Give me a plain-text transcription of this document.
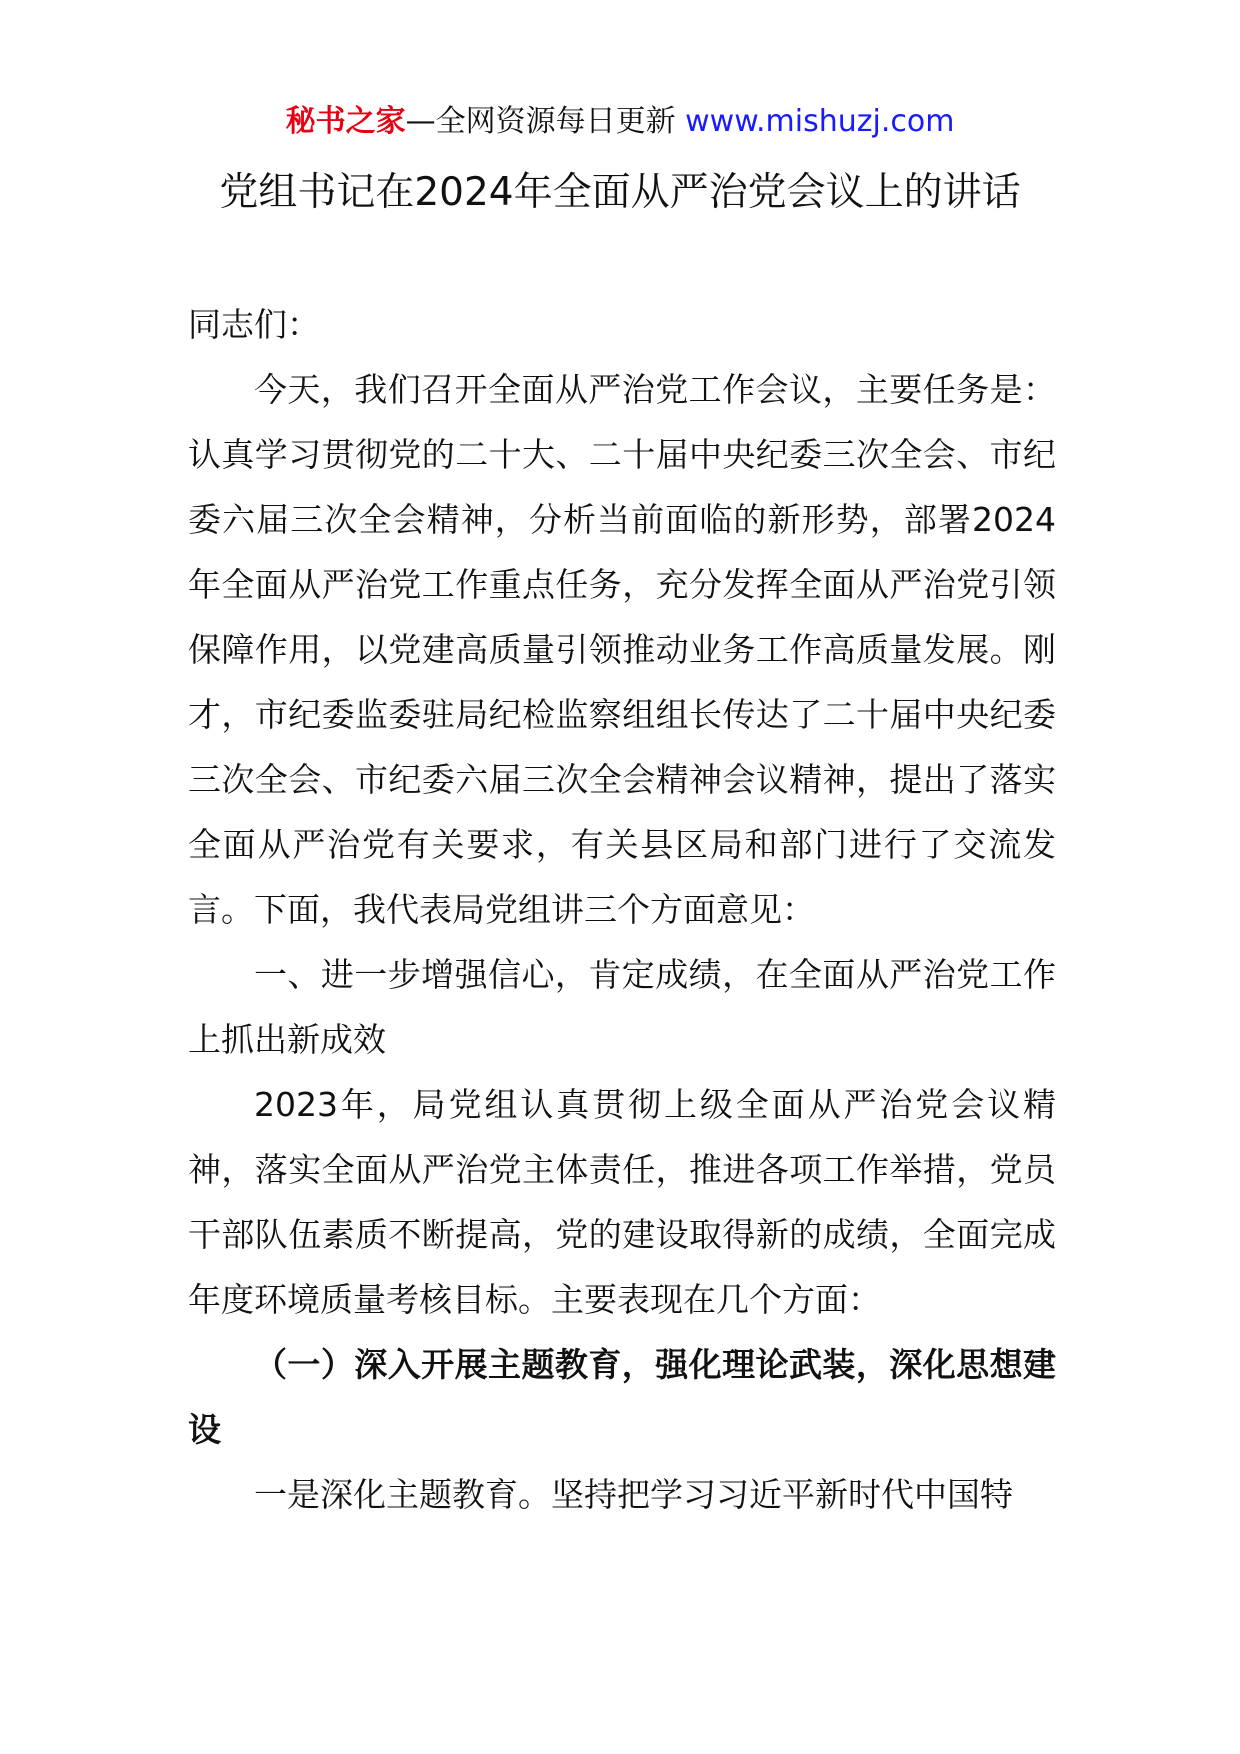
秘书之家—全网资源每日更新 www.mishuzj.com
党组书记在2024年全面从严治党会议上的讲话

同志们：

今天，我们召开全面从严治党工作会议，主要任务是：认真学习贯彻党的二十大、二十届中央纪委三次全会、市纪委六届三次全会精神，分析当前面临的新形势，部署2024年全面从严治党工作重点任务，充分发挥全面从严治党引领保障作用，以党建高质量引领推动业务工作高质量发展。刚才，市纪委监委驻局纪检监察组组长传达了二十届中央纪委三次全会、市纪委六届三次全会精神会议精神，提出了落实全面从严治党有关要求，有关县区局和部门进行了交流发言。下面，我代表局党组讲三个方面意见：

一、进一步增强信心，肯定成绩，在全面从严治党工作上抓出新成效

2023年，局党组认真贯彻上级全面从严治党会议精神，落实全面从严治党主体责任，推进各项工作举措，党员干部队伍素质不断提高，党的建设取得新的成绩，全面完成年度环境质量考核目标。主要表现在几个方面：

（一）深入开展主题教育，强化理论武装，深化思想建设

一是深化主题教育。坚持把学习习近平新时代中国特
